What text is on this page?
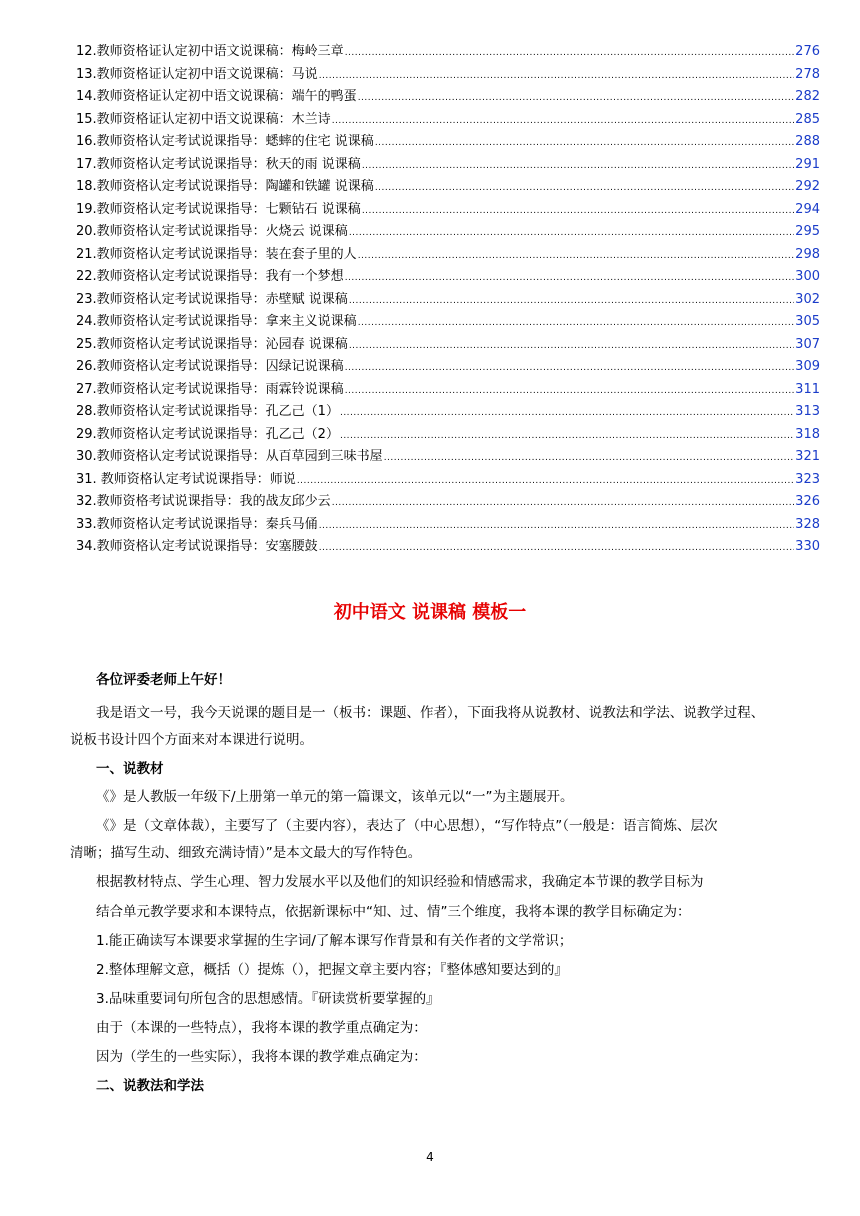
12.教师资格证认定初中语文说课稿：梅岭三章 .....	276
13.教师资格证认定初中语文说课稿：马说 .....	278
14.教师资格证认定初中语文说课稿：端午的鸭蛋 .....	282
15.教师资格证认定初中语文说课稿：木兰诗 .....	285
16.教师资格认定考试说课指导：蟋蟀的住宅 说课稿 .....	288
17.教师资格认定考试说课指导：秋天的雨 说课稿 .....	291
18.教师资格认定考试说课指导：陶罐和铁罐 说课稿 .....	292
19.教师资格认定考试说课指导：七颗钻石 说课稿 .....	294
20.教师资格认定考试说课指导：火烧云 说课稿 .....	295
21.教师资格认定考试说课指导：装在套子里的人 .....	298
22.教师资格认定考试说课指导：我有一个梦想 .....	300
23.教师资格认定考试说课指导：赤壁赋 说课稿 .....	302
24.教师资格认定考试说课指导：拿来主义说课稿 .....	305
25.教师资格认定考试说课指导：沁园春 说课稿 .....	307
26.教师资格认定考试说课指导：囚绿记说课稿 .....	309
27.教师资格认定考试说课指导：雨霖铃说课稿 .....	311
28.教师资格认定考试说课指导：孔乙己（1） .....	313
29.教师资格认定考试说课指导：孔乙己（2） .....	318
30.教师资格认定考试说课指导：从百草园到三味书屋 .....	321
31. 教师资格认定考试说课指导：师说 .....	323
32.教师资格考试说课指导：我的战友邱少云 .....	326
33.教师资格认定考试说课指导：秦兵马俑 .....	328
34.教师资格认定考试说课指导：安塞腰鼓 .....	330
初中语文 说课稿 模板一
各位评委老师上午好！
我是语文一号，我今天说课的题目是一（板书：课题、作者），下面我将从说教材、说教法和学法、说教学过程、
说板书设计四个方面来对本课进行说明。
一、说教材
《》是人教版一年级下/上册第一单元的第一篇课文，该单元以“一”为主题展开。
《》是（文章体裁），主要写了（主要内容），表达了（中心思想），“写作特点”（一般是：语言简炼、层次
清晰；描写生动、细致充满诗情）”是本文最大的写作特色。
根据教材特点、学生心理、智力发展水平以及他们的知识经验和情感需求，我确定本节课的教学目标为
结合单元教学要求和本课特点，依据新课标中“知、过、情”三个维度，我将本课的教学目标确定为：
1.能正确读写本课要求掌握的生字词/了解本课写作背景和有关作者的文学常识；
2.整体理解文意，概括（）提炼（），把握文章主要内容；『整体感知要达到的』
3.品味重要词句所包含的思想感情。『研读赏析要掌握的』
由于（本课的一些特点），我将本课的教学重点确定为：
因为（学生的一些实际），我将本课的教学难点确定为：
二、说教法和学法
4
